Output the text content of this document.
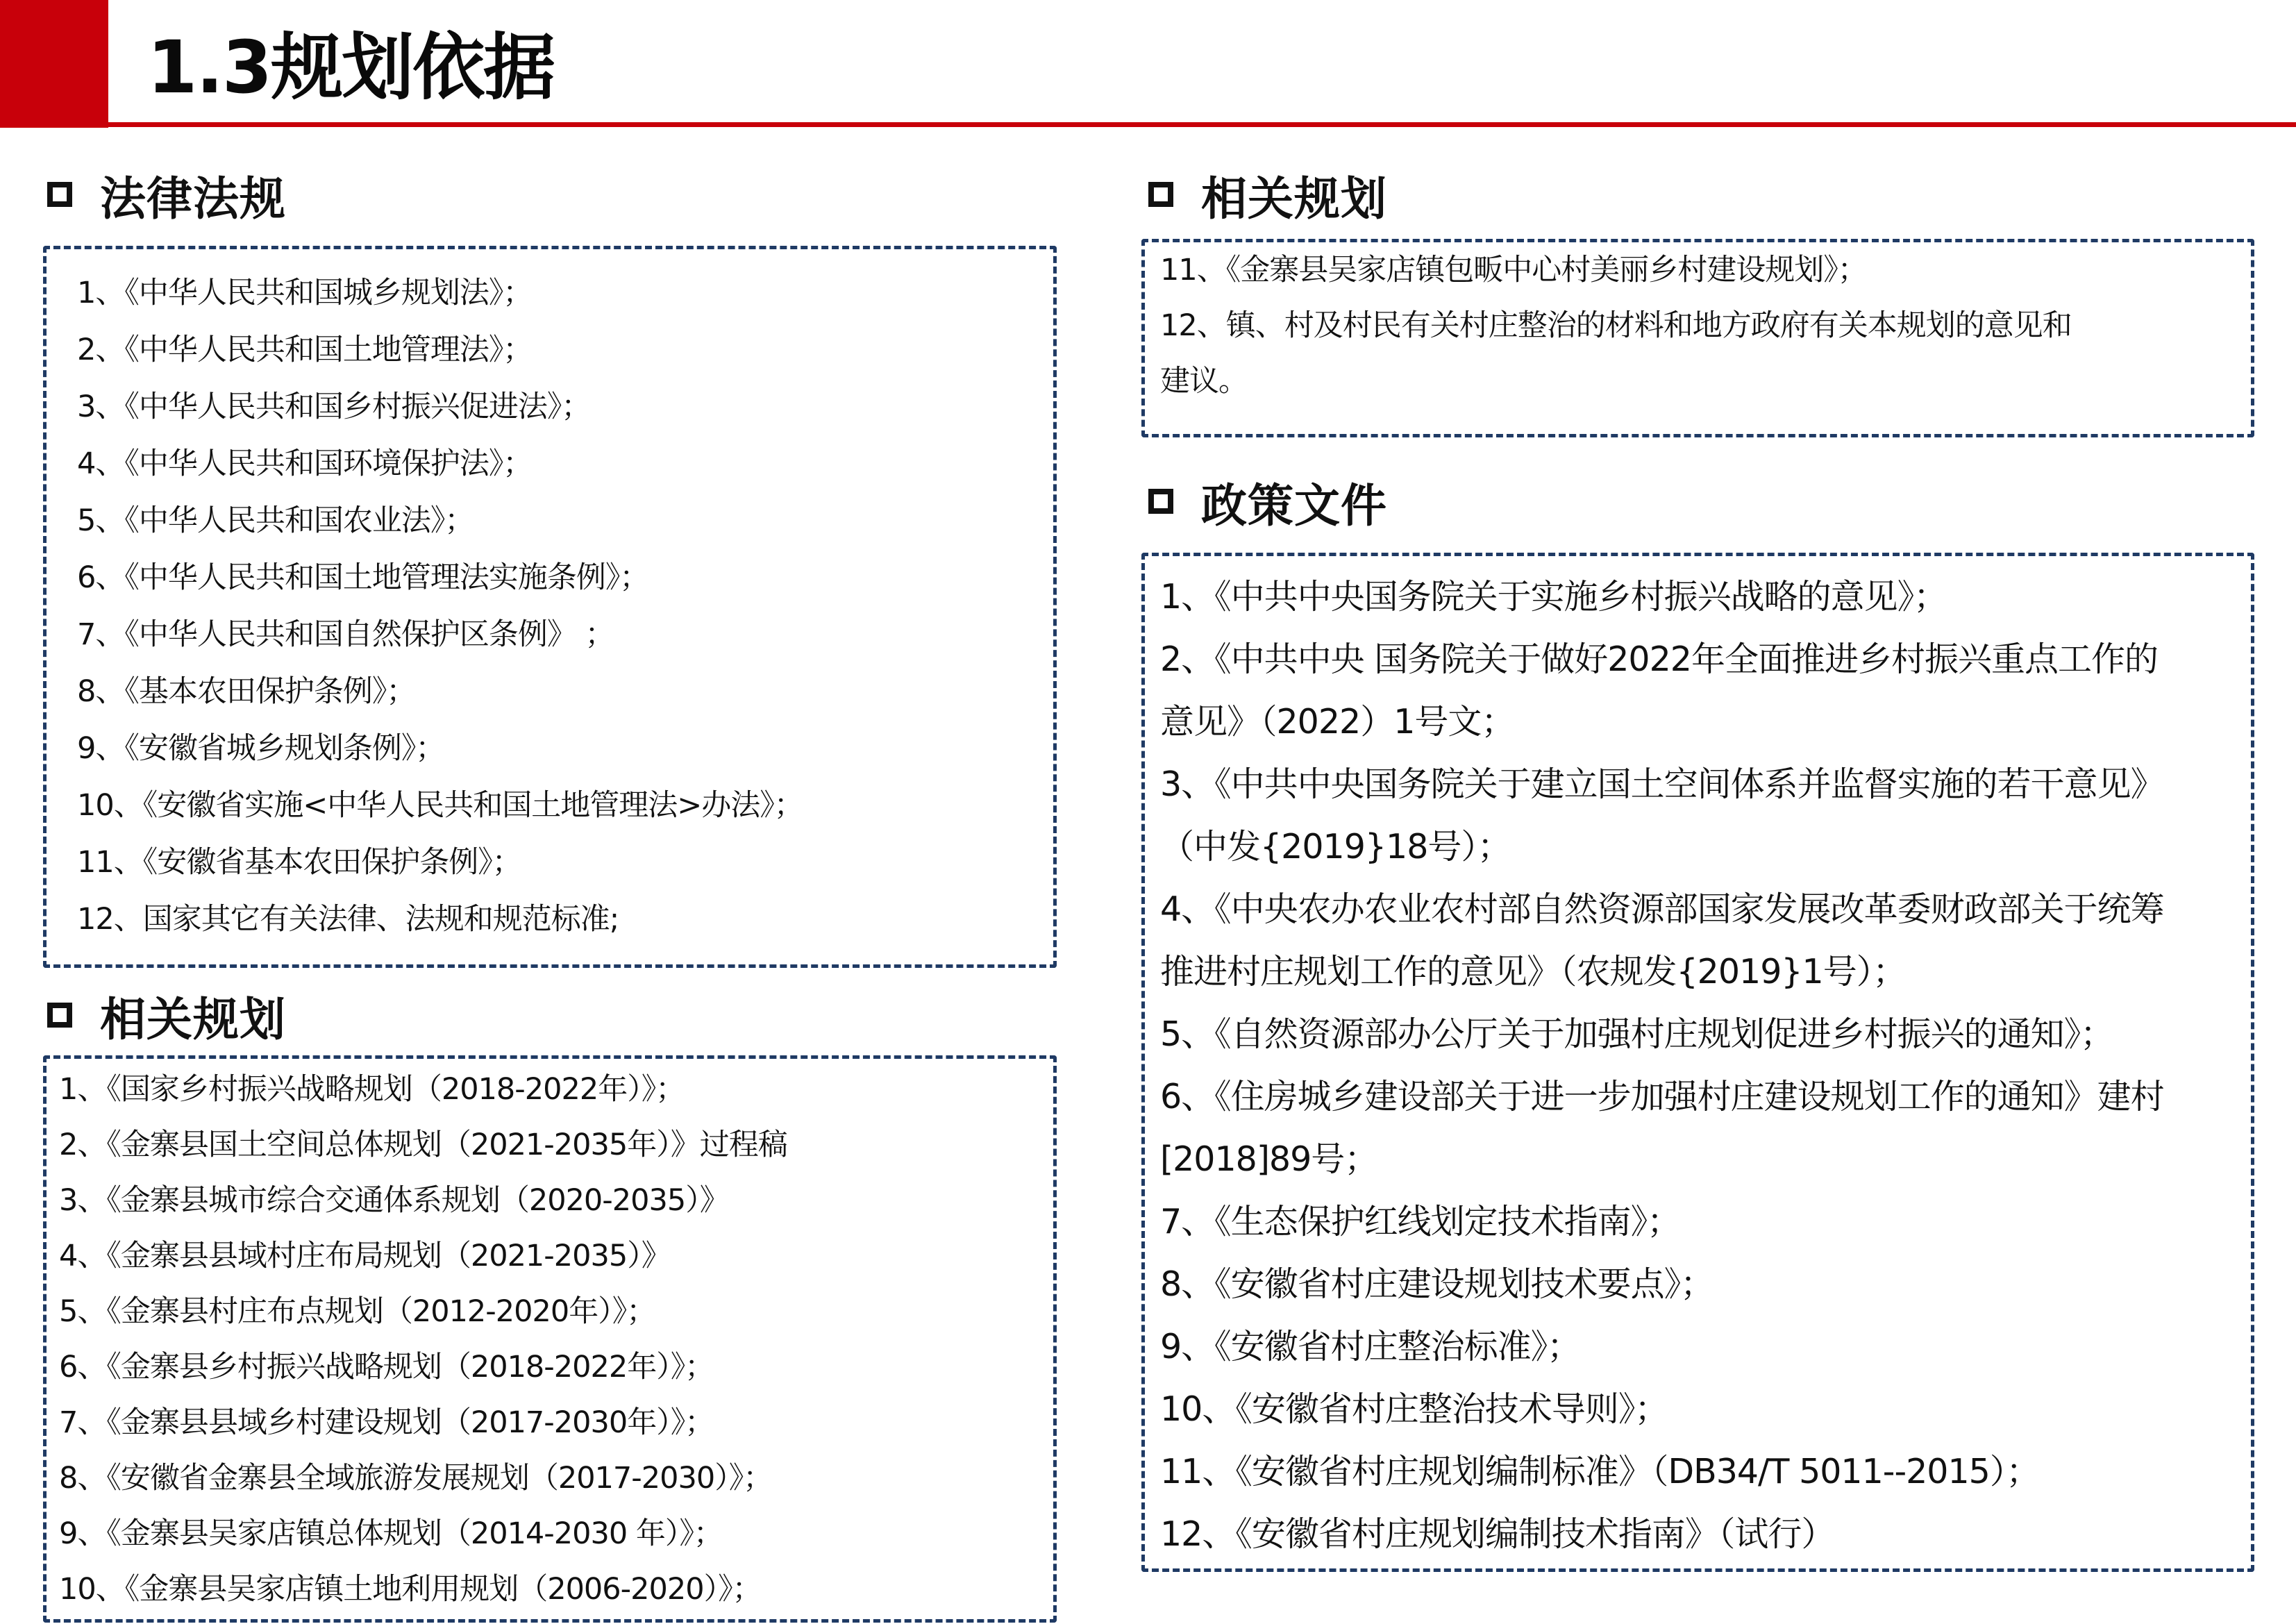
1.3规划依据
法律法规
1、《中华人民共和国城乡规划法》；
2、《中华人民共和国土地管理法》；
3、《中华人民共和国乡村振兴促进法》；
4、《中华人民共和国环境保护法》；
5、《中华人民共和国农业法》；
6、《中华人民共和国土地管理法实施条例》；
7、《中华人民共和国自然保护区条例》 ；
8、《基本农田保护条例》；
9、《安徽省城乡规划条例》；
10、《安徽省实施<中华人民共和国土地管理法>办法》；
11、《安徽省基本农田保护条例》；
12、国家其它有关法律、法规和规范标准;
相关规划
1、《国家乡村振兴战略规划（2018-2022年）》；
2、《金寨县国土空间总体规划（2021-2035年）》过程稿
3、《金寨县城市综合交通体系规划（2020-2035）》
4、《金寨县县域村庄布局规划（2021-2035）》
5、《金寨县村庄布点规划（2012-2020年）》；
6、《金寨县乡村振兴战略规划（2018-2022年）》；
7、《金寨县县域乡村建设规划（2017-2030年）》；
8、《安徽省金寨县全域旅游发展规划（2017-2030）》；
9、《金寨县吴家店镇总体规划（2014-2030 年）》；
10、《金寨县吴家店镇土地利用规划（2006-2020）》；
相关规划
11、《金寨县吴家店镇包畈中心村美丽乡村建设规划》；
12、镇、村及村民有关村庄整治的材料和地方政府有关本规划的意见和
建议。
政策文件
1、《中共中央国务院关于实施乡村振兴战略的意见》；
2、《中共中央 国务院关于做好2022年全面推进乡村振兴重点工作的
意见》（2022）1号文；
3、《中共中央国务院关于建立国土空间体系并监督实施的若干意见》
（中发{2019}18号）；
4、《中央农办农业农村部自然资源部国家发展改革委财政部关于统筹
推进村庄规划工作的意见》（农规发{2019}1号）；
5、《自然资源部办公厅关于加强村庄规划促进乡村振兴的通知》；
6、《住房城乡建设部关于进一步加强村庄建设规划工作的通知》建村
[2018]89号；
7、《生态保护红线划定技术指南》；
8、《安徽省村庄建设规划技术要点》；
9、《安徽省村庄整治标准》；
10、《安徽省村庄整治技术导则》；
11、《安徽省村庄规划编制标准》（DB34/T 5011--2015）；
12、《安徽省村庄规划编制技术指南》（试行）
